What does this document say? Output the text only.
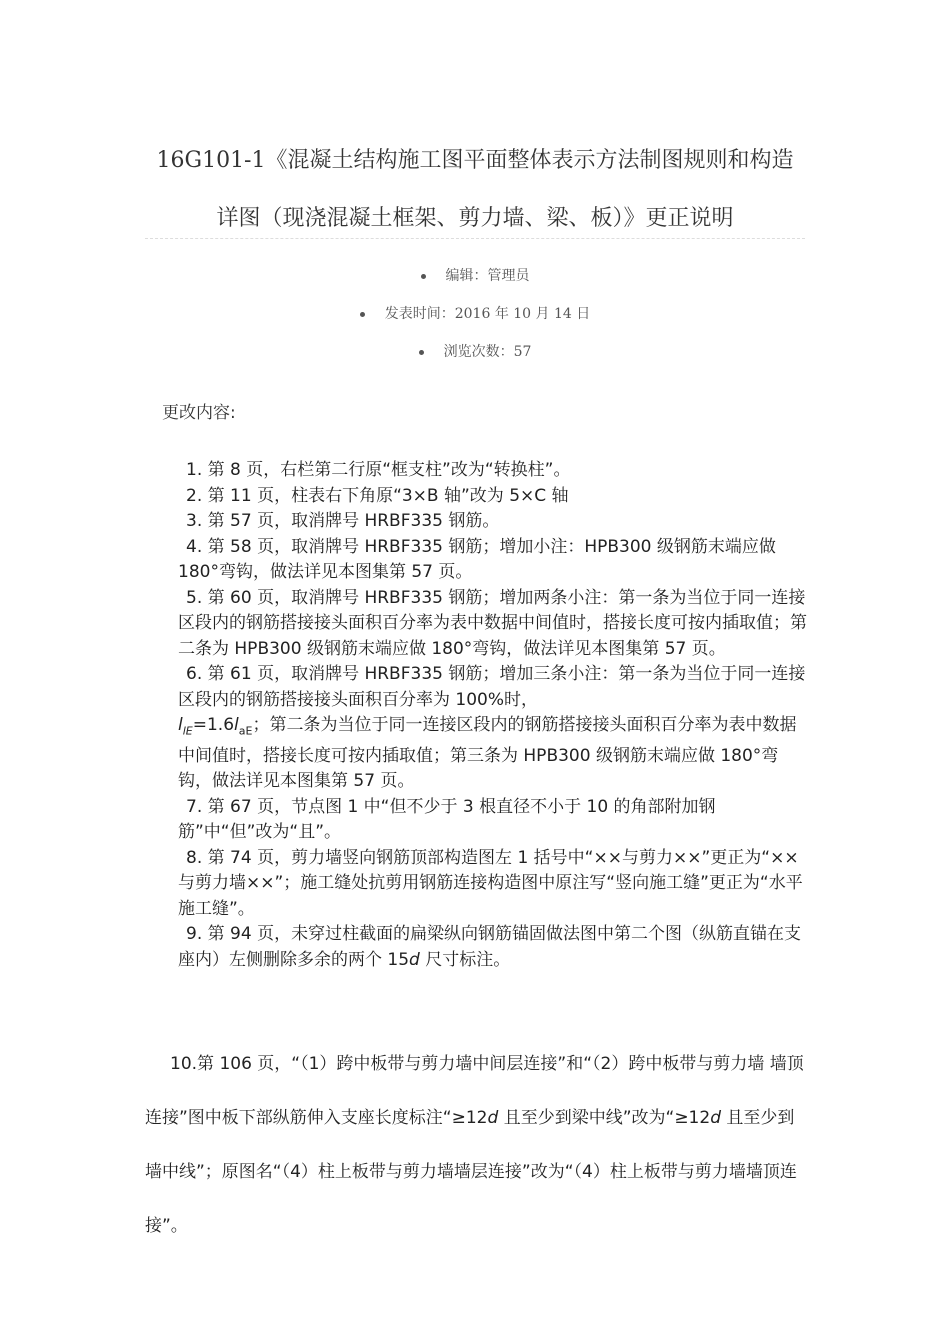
16G101-1《混凝土结构施工图平面整体表示方法制图规则和构造
详图（现浇混凝土框架、剪力墙、梁、板）》更正说明
编辑：管理员
发表时间：2016 年 10 月 14 日
浏览次数：57
更改内容:

1. 第 8 页，右栏第二行原“框支柱”改为“转换柱”。

2. 第 11 页，柱表右下角原“3×B 轴”改为 5×C 轴

3. 第 57 页，取消牌号 HRBF335 钢筋。

4. 第 58 页，取消牌号 HRBF335 钢筋；增加小注：HPB300 级钢筋末端应做 180°弯钩，做法详见本图集第 57 页。

5. 第 60 页，取消牌号 HRBF335 钢筋；增加两条小注：第一条为当位于同一连接区段内的钢筋搭接接头面积百分率为表中数据中间值时，搭接长度可按内插取值；第二条为 HPB300 级钢筋末端应做 180°弯钩，做法详见本图集第 57 页。

6. 第 61 页，取消牌号 HRBF335 钢筋；增加三条小注：第一条为当位于同一连接区段内的钢筋搭接接头面积百分率为 100%时，
$l_{lE}=1.6l_{aE}$；第二条为当位于同一连接区段内的钢筋搭接接头面积百分率为表中数据中间值时，搭接长度可按内插取值；第三条为 HPB300 级钢筋末端应做 180°弯钩，做法详见本图集第 57 页。

7. 第 67 页，节点图 1 中“但不少于 3 根直径不小于 10 的角部附加钢筋”中“但”改为“且”。

8. 第 74 页，剪力墙竖向钢筋顶部构造图左 1 括号中“××与剪力××”更正为“××与剪力墙××”；施工缝处抗剪用钢筋连接构造图中原注写“竖向施工缝”更正为“水平施工缝”。

9. 第 94 页，未穿过柱截面的扁梁纵向钢筋锚固做法图中第二个图（纵筋直锚在支座内）左侧删除多余的两个 15d 尺寸标注。

10.第 106 页，“（1）跨中板带与剪力墙中间层连接”和“（2）跨中板带与剪力墙 墙顶连接”图中板下部纵筋伸入支座长度标注“≥12d 且至少到梁中线”改为“≥12d 且至少到墙中线”；原图名“（4）柱上板带与剪力墙墙层连接”改为“（4）柱上板带与剪力墙墙顶连接”。
